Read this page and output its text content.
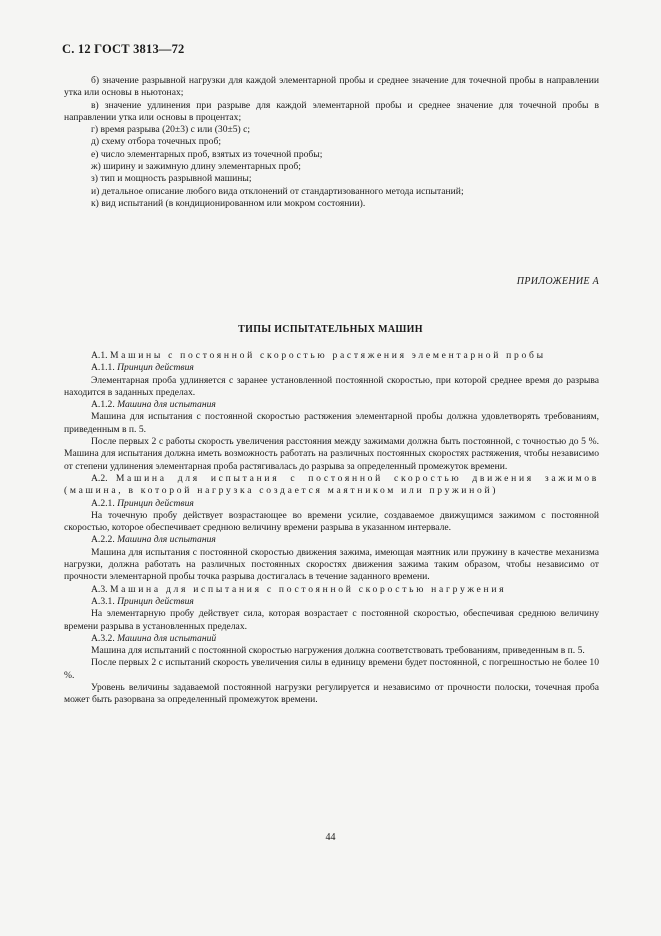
С. 12 ГОСТ 3813—72

б) значение разрывной нагрузки для каждой элементарной пробы и среднее значение для точечной пробы в направлении утка или основы в ньютонах;

в) значение удлинения при разрыве для каждой элементарной пробы и среднее значение для точечной пробы в направлении утка или основы в процентах;

г) время разрыва (20±3) с или (30±5) с;

д) схему отбора точечных проб;

е) число элементарных проб, взятых из точечной пробы;

ж) ширину и зажимную длину элементарных проб;

з) тип и мощность разрывной машины;

и) детальное описание любого вида отклонений от стандартизованного метода испытаний;

к) вид испытаний (в кондиционированном или мокром состоянии).

ПРИЛОЖЕНИЕ А
ТИПЫ ИСПЫТАТЕЛЬНЫХ МАШИН

А.1. Машины с постоянной скоростью растяжения элементарной пробы

А.1.1. Принцип действия

Элементарная проба удлиняется с заранее установленной постоянной скоростью, при которой среднее время до разрыва находится в заданных пределах.

А.1.2. Машина для испытания

Машина для испытания с постоянной скоростью растяжения элементарной пробы должна удовлетворять требованиям, приведенным в п. 5.

После первых 2 с работы скорость увеличения расстояния между зажимами должна быть постоянной, с точностью до 5 %. Машина для испытания должна иметь возможность работать на различных постоянных скоростях растяжения, чтобы независимо от степени удлинения элементарная проба растягивалась до разрыва за определенный промежуток времени.

А.2. Машина для испытания с постоянной скоростью движения зажимов (машина, в которой нагрузка создается маятником или пружиной)

А.2.1. Принцип действия

На точечную пробу действует возрастающее во времени усилие, создаваемое движущимся зажимом с постоянной скоростью, которое обеспечивает среднюю величину времени разрыва в указанном интервале.

А.2.2. Машина для испытания

Машина для испытания с постоянной скоростью движения зажима, имеющая маятник или пружину в качестве механизма нагрузки, должна работать на различных постоянных скоростях движения зажима таким образом, чтобы независимо от прочности элементарной пробы точка разрыва достигалась в течение заданного времени.

А.3. Машина для испытания с постоянной скоростью нагружения

А.3.1. Принцип действия

На элементарную пробу действует сила, которая возрастает с постоянной скоростью, обеспечивая среднюю величину времени разрыва в установленных пределах.

А.3.2. Машина для испытаний

Машина для испытаний с постоянной скоростью нагружения должна соответствовать требованиям, приведенным в п. 5.

После первых 2 с испытаний скорость увеличения силы в единицу времени будет постоянной, с погрешностью не более 10 %.

Уровень величины задаваемой постоянной нагрузки регулируется и независимо от прочности полоски, точечная проба может быть разорвана за определенный промежуток времени.

44
